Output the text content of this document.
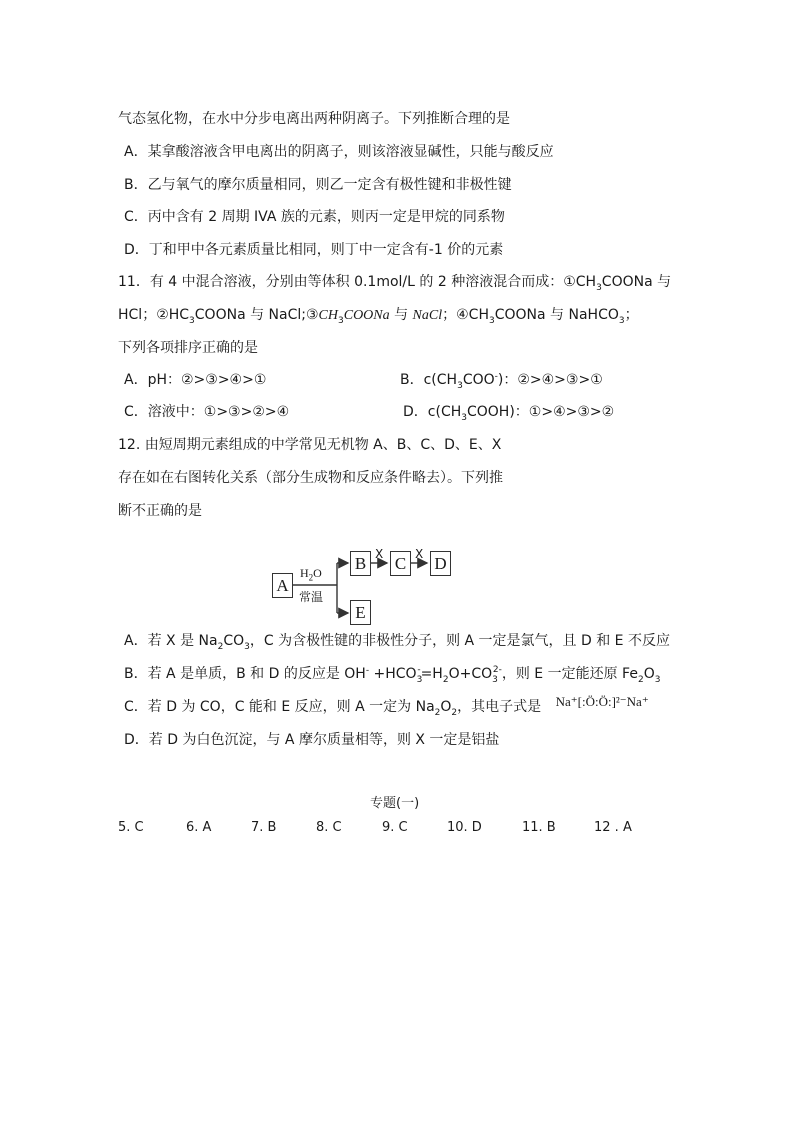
气态氢化物，在水中分步电离出两种阴离子。下列推断合理的是
A．某拿酸溶液含甲电离出的阴离子，则该溶液显碱性，只能与酸反应
B．乙与氧气的摩尔质量相同，则乙一定含有极性键和非极性键
C．丙中含有 2 周期 IVA 族的元素，则丙一定是甲烷的同系物
D．丁和甲中各元素质量比相同，则丁中一定含有-1 价的元素
11．有 4 中混合溶液，分别由等体积 0.1mol/L 的 2 种溶液混合而成：$①CH_3COONa$ 与
HCl；$②HC_3COONa$ 与 $NaCl;③CH_3COONa$ 与 NaCl；$④CH_3COONa$ 与 NaHCO$_3$；
下列各项排序正确的是
A．pH：②>③>④>①	B．$c(CH_3COO^-)$：②>④>③>①
C．溶液中：①>③>②>④	D．$c(CH_3COOH)$：①>④>③>②
12. 由短周期元素组成的中学常见无机物 A、B、C、D、E、X
存在如在右图转化关系（部分生成物和反应条件略去）。下列推
断不正确的是
A
B C D
E
X	X
$H_2O$
常温
A．若 X 是 $Na_2CO_3$，C 为含极性键的非极性分子，则 A 一定是氯气，且 D 和 E 不反应
B．若 A 是单质，B 和 D 的反应是 $OH^- +HCO_3^-=H_2O+CO_3^{2-}$，则 E 一定能还原 $Fe_2O_3$
C．若 D 为 CO，C 能和 E 反应，则 A 一定为 $Na_2O_2$，其电子式是 Na⁺[:Ö:Ö:]²⁻Na⁺
D．若 D 为白色沉淀，与 A 摩尔质量相等，则 X 一定是铝盐
专题(一)
5. C	6. A	7. B	8. C	9. C	10. D	11. B	12 . A
